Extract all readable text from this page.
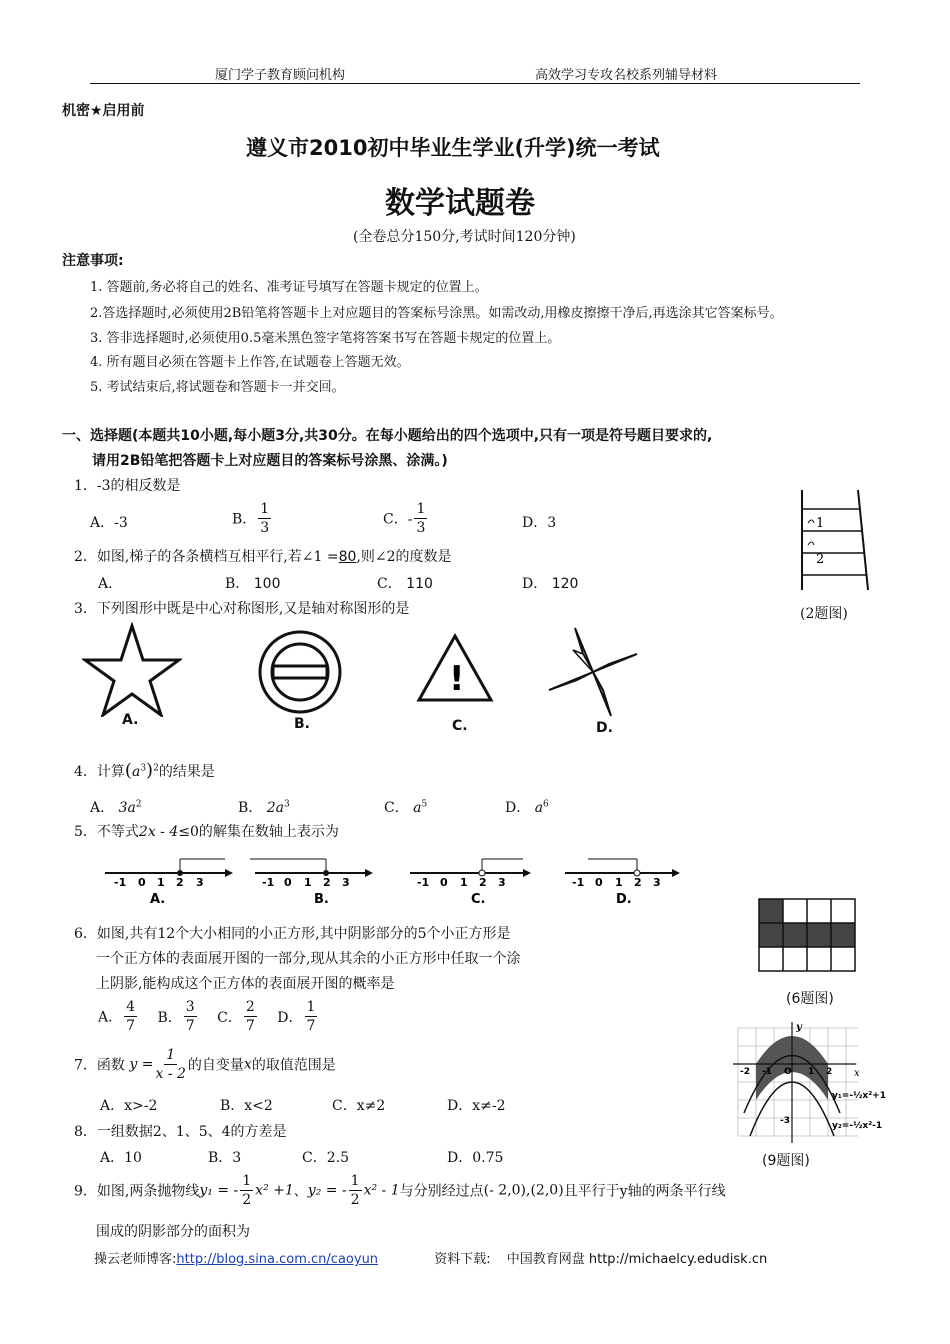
厦门学子教育顾问机构	高效学习专攻名校系列辅导材料
机密★启用前
遵义市2010初中毕业生学业(升学)统一考试
数学试题卷
(全卷总分150分,考试时间120分钟)
注意事项:
1. 答题前,务必将自己的姓名、准考证号填写在答题卡规定的位置上。
2.答选择题时,必须使用2B铅笔将答题卡上对应题目的答案标号涂黑。如需改动,用橡皮擦擦干净后,再选涂其它答案标号。
3. 答非选择题时,必须使用0.5毫米黑色签字笔将答案书写在答题卡规定的位置上。
4. 所有题目必须在答题卡上作答,在试题卷上答题无效。
5. 考试结束后,将试题卷和答题卡一并交回。
一、选择题(本题共10小题,每小题3分,共30分。在每小题给出的四个选项中,只有一项是符号题目要求的,
请用2B铅笔把答题卡上对应题目的答案标号涂黑、涂满。)
1．-3的相反数是
A．-3	B． $\frac{1}{3}$	C．- $\frac{1}{3}$	D．3	1
2
(2题图)
2．如图,梯子的各条横档互相平行,若∠1 =80,则∠2的度数是
A．	B． 100	C． 110	D． 120
3．下列图形中既是中心对称图形,又是轴对称图形的是
A.	B.
!
C.	D.
4．计算$(a^3)^2$的结果是
A． $3a^2$	B． $2a^3$	C． $a^5$	D． $a^6$
5．不等式2x - 4≤0的解集在数轴上表示为
-1 0 1 2 3
A.
-1 0 1 2 3
B.
-1 0 1 2 3
C.
-1 0 1 2 3
D.
6．如图,共有12个大小相同的小正方形,其中阴影部分的5个小正方形是
一个正方体的表面展开图的一部分,现从其余的小正方形中任取一个涂
上阴影,能构成这个正方体的表面展开图的概率是
A． $\frac{4}{7}$ B． $\frac{3}{7}$ C． $\frac{2}{7}$ D． $\frac{1}{7}$	(6题图)
x
y
-2 -1 O 1 2
-3
y₁=-½x²+1
y₂=-½x²-1
(9题图)
7．函数 $y = \frac{1}{x - 2}$ 的自变量x的取值范围是
A．x>-2	B．x<2	C．x≠2	D．x≠-2
8．一组数据2、1、5、4的方差是
A．10	B．3	C．2.5	D．0.75
9．如图,两条抛物线y₁ = - $\frac{1}{2} x^2 +1$、y₂ = - $\frac{1}{2} x^2 - 1$与分别经过点(- 2,0),(2,0)且平行于y轴的两条平行线
围成的阴影部分的面积为
操云老师博客:http://blog.sina.com.cn/caoyun	资料下载: 中国教育网盘 http://michaelcy.edudisk.cn
